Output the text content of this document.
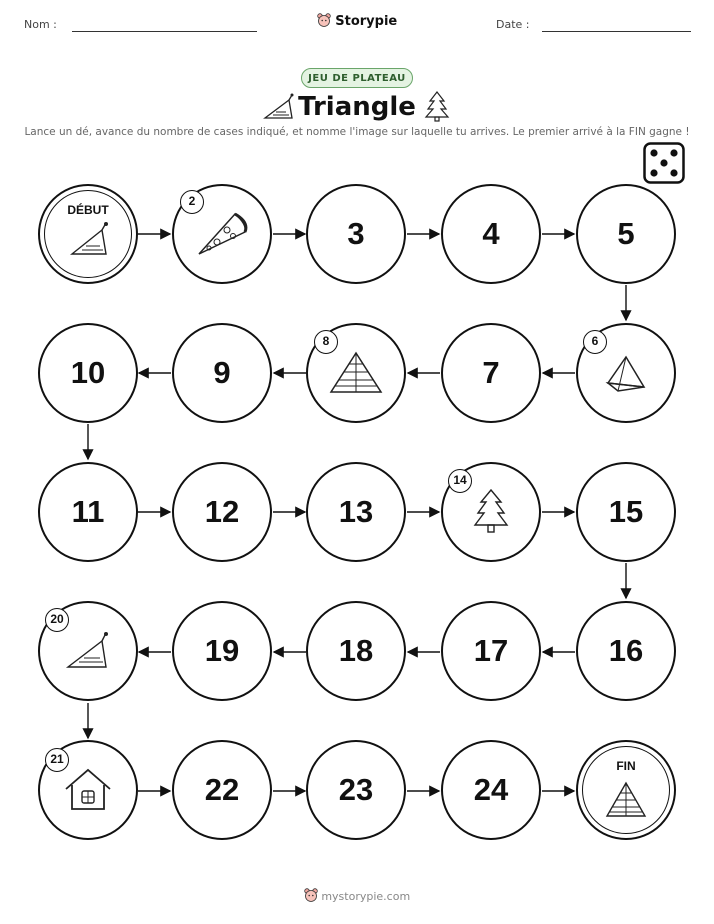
Nom :	Storypie	Date :
JEU DE PLATEAU
Triangle
Lance un dé, avance du nombre de cases indiqué, et nomme l'image sur laquelle tu arrives. Le premier arrivé à la FIN gagne !
DÉBUT
2
3	4	5
10	9
8
7
6
11	12	13
14
15
20
19	18	17	16
21
22	23	24
FIN
mystorypie.com
